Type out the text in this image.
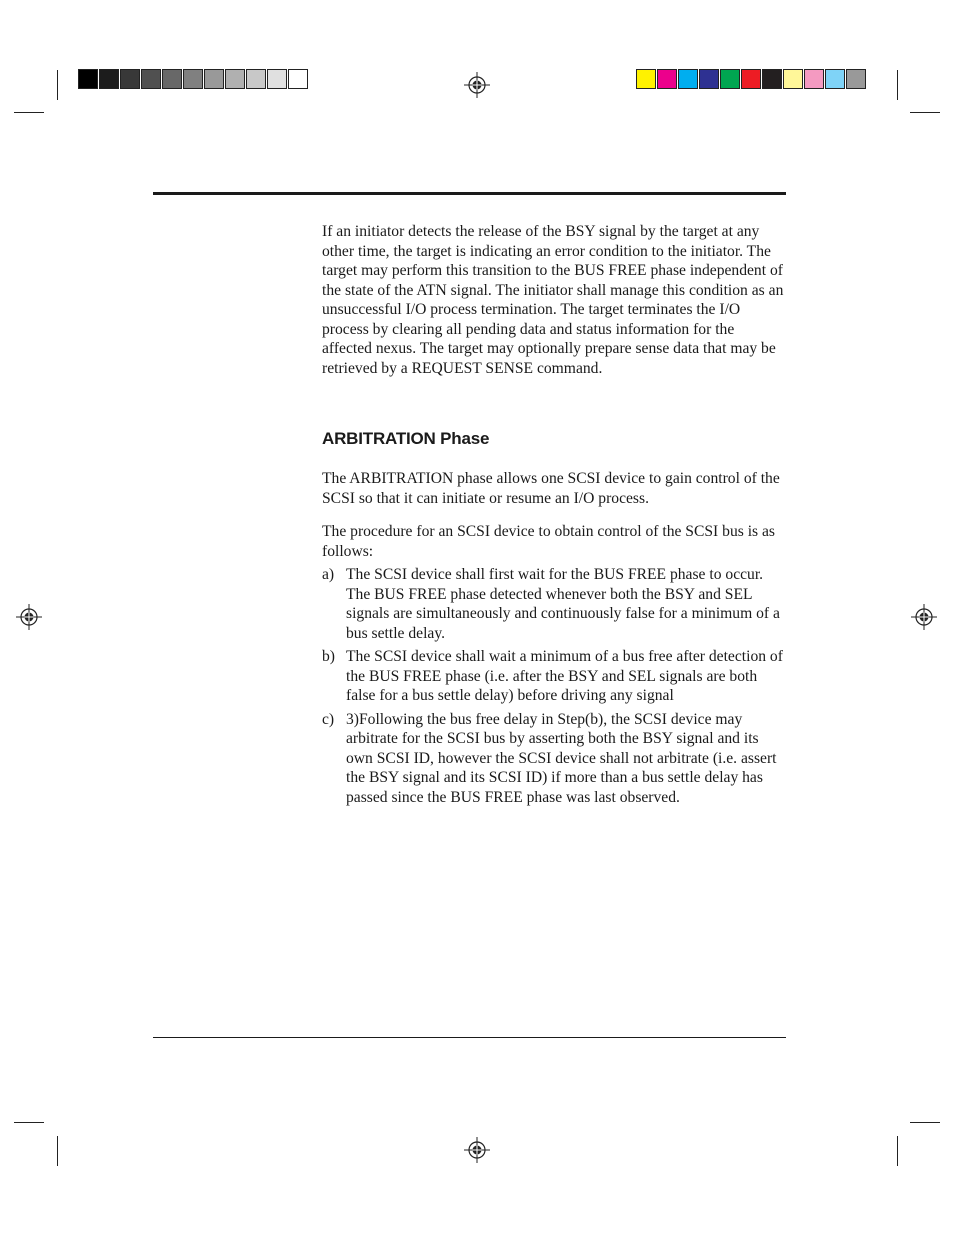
If an initiator detects the release of the BSY signal by the target at any other time, the target is indicating an error condition to the initiator. The target may perform this transition to the BUS FREE phase independent of the state of the ATN signal. The initiator shall manage this condition as an unsuccessful I/O process termination. The target terminates the I/O process by clearing all pending data and status information for the affected nexus. The target may optionally prepare sense data that may be retrieved by a REQUEST SENSE command.

ARBITRATION Phase

The ARBITRATION phase allows one SCSI device to gain control of the SCSI so that it can initiate or resume an I/O process.

The procedure for an SCSI device to obtain control of the SCSI bus is as follows:

a) The SCSI device shall first wait for the BUS FREE phase to occur. The BUS FREE phase detected whenever both the BSY and SEL signals are simultaneously and continuously false for a minimum of a bus settle delay.
b) The SCSI device shall wait a minimum of a bus free after detection of the BUS FREE phase (i.e. after the BSY and SEL signals are both false for a bus settle delay) before driving any signal
c) 3)Following the bus free delay in Step(b), the SCSI device may arbitrate for the SCSI bus by asserting both the BSY signal and its own SCSI ID, however the SCSI device shall not arbitrate (i.e. assert the BSY signal and its SCSI ID) if more than a bus settle delay has passed since the BUS FREE phase was last observed.
